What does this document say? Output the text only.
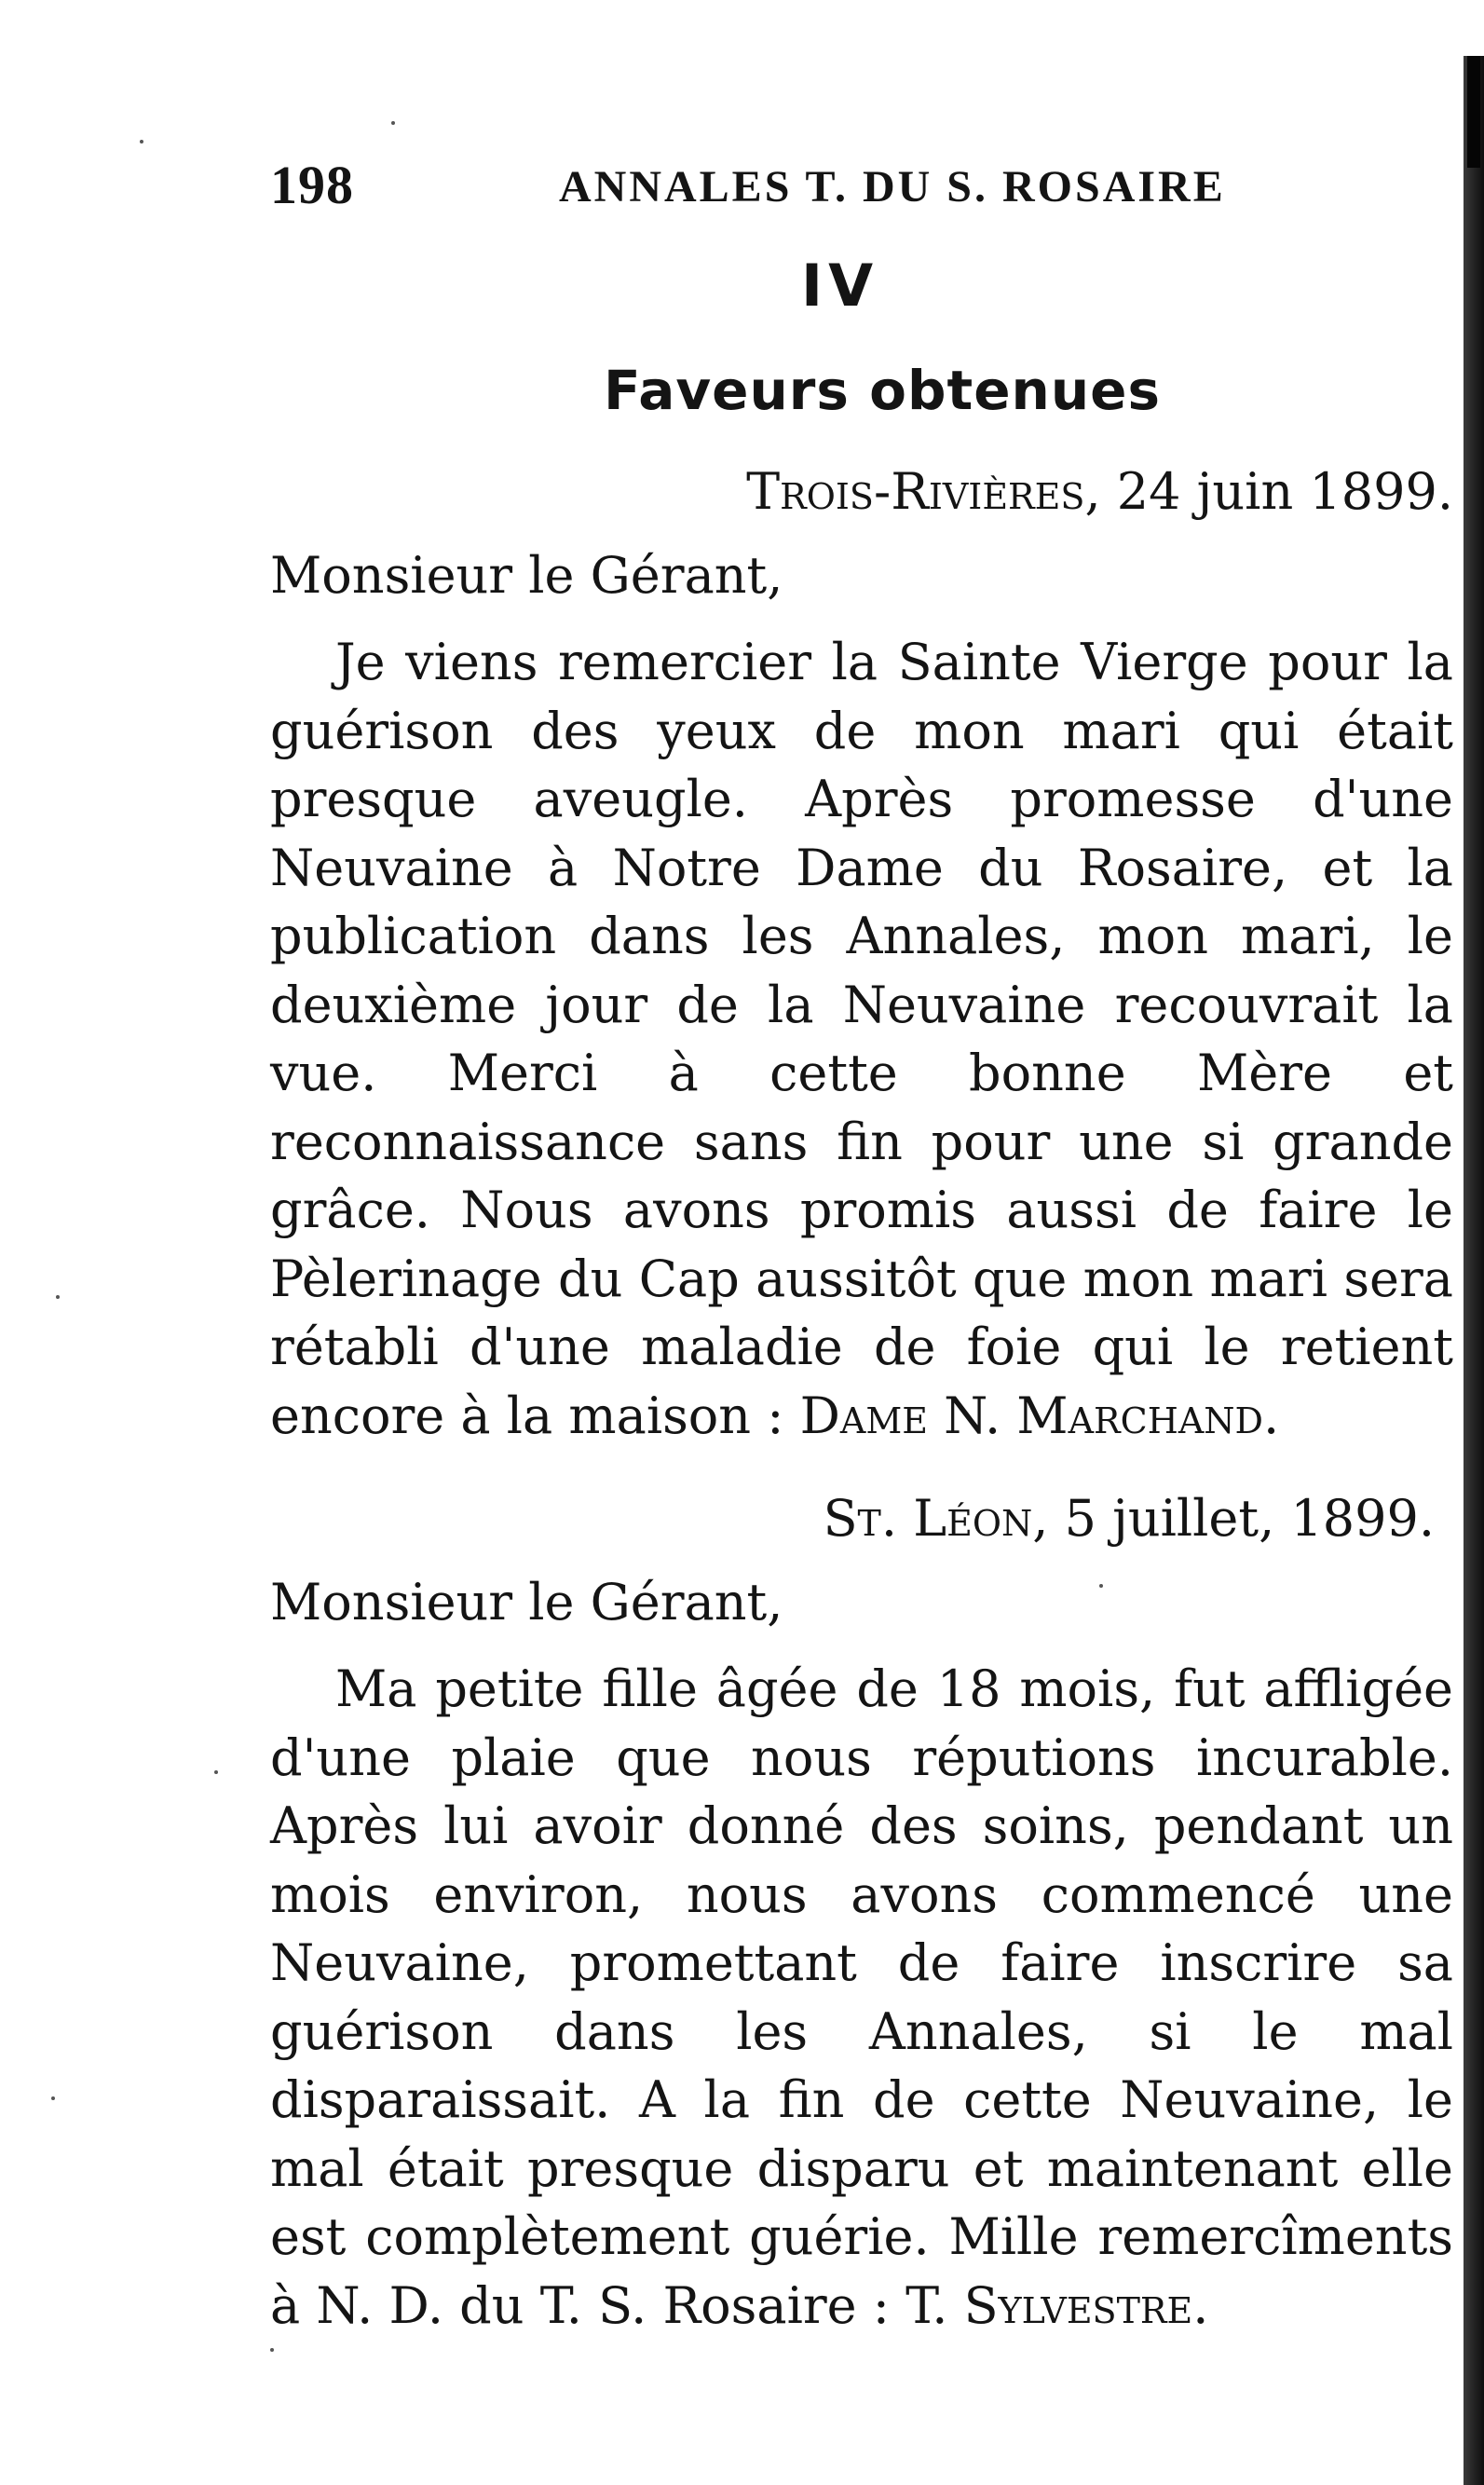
198	ANNALES T. DU S. ROSAIRE
IV
Faveurs obtenues
Trois-Rivières, 24 juin 1899.
Monsieur le Gérant,
Je viens remercier la Sainte Vierge pour la guérison des yeux de mon mari qui était presque aveugle. Après promesse d'une Neuvaine à Notre Dame du Rosaire, et la publication dans les Annales, mon mari, le deuxième jour de la Neuvaine recouvrait la vue. Merci à cette bonne Mère et reconnaissance sans fin pour une si grande grâce. Nous avons promis aussi de faire le Pèlerinage du Cap aussitôt que mon mari sera rétabli d'une maladie de foie qui le retient encore à la maison : Dame N. Marchand.
St. Léon, 5 juillet, 1899.
Monsieur le Gérant,
Ma petite fille âgée de 18 mois, fut affligée d'une plaie que nous réputions incurable. Après lui avoir donné des soins, pendant un mois environ, nous avons commencé une Neuvaine, promettant de faire inscrire sa guérison dans les Annales, si le mal disparaissait. A la fin de cette Neuvaine, le mal était presque disparu et maintenant elle est complètement guérie. Mille remercîments à N. D. du T. S. Rosaire : T. Sylvestre.
